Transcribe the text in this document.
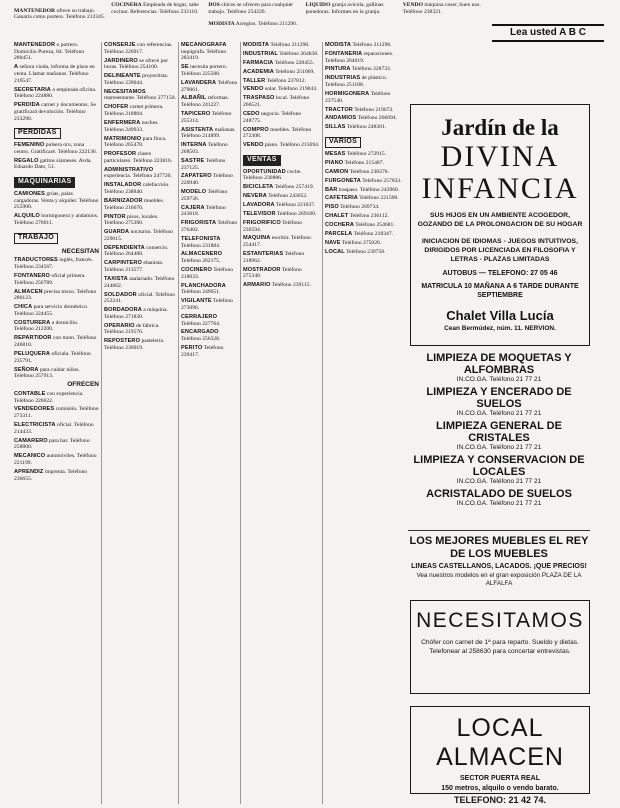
MANTENEDOR ofrece su trabajo. Ganaría como portero. Teléfono 212345.

COCINERA Empleada de hogar, sabe cocinar. Referencias. Teléfono 233110.

DOS chicos se ofrecen para cualquier trabajo. Teléfono 254220.

MODISTA Arreglos. Teléfono 211296.

LIQUIDO granja avícola, gallinas ponedoras. Informes en la granja.

VENDO máquina coser, buen uso. Teléfono 238321.

Lea usted A B C

MANTENEDOR o portero. Domicilio Pureza, 84. Teléfono 280451.

A señora viuda, informa de pisos en venta. Llamar mañanas. Teléfono 216547.

SECRETARIA o empleada oficina. Teléfono 224880.

PERDIDA carnet y documentos. Se gratificará devolución. Teléfono 233290.

PERDIDAS

FEMENINO pulsera oro, zona centro. Gratificaré. Teléfono 222136.

REGALO gatitos siameses. Avda. Eduardo Dato, 51.

MAQUINARIAS

CAMIONES grúas, palas cargadoras. Venta y alquiler. Teléfono 255900.

ALQUILO hormigonera y andamios. Teléfono 276011.

TRABAJO
NECESITAN

TRADUCTORES inglés, francés. Teléfono 234567.

FONTANERO oficial primera. Teléfono 256789.

ALMACEN precisa mozo. Teléfono 280123.

CHICA para servicio doméstico. Teléfono 224455.

COSTURERA a domicilio. Teléfono 212200.

REPARTIDOR con moto. Teléfono 246810.

PELUQUERA oficiala. Teléfono 235791.

SEÑORA para cuidar niños. Teléfono 257913.

OFRECEN

CONTABLE con experiencia. Teléfono 226622.

VENDEDORES comisión. Teléfono 273311.

ELECTRICISTA oficial. Teléfono 214433.

CAMARERO para bar. Teléfono 258800.

MECANICO automóviles. Teléfono 221199.

APRENDIZ imprenta. Teléfono 236655.

CONSERJE con referencias. Teléfono 226017.

JARDINERO se ofrece por horas. Teléfono 254100.

DELINEANTE proyectista. Teléfono 239044.

NECESITAMOS representante. Teléfono 277150.

CHOFER carnet primera. Teléfono 218804.

ENFERMERA noches. Teléfono 249933.

MATRIMONIO para finca. Teléfono 265478.

PROFESOR clases particulares. Teléfono 223816.

ADMINISTRATIVO experiencia. Teléfono 247720.

INSTALADOR calefacción. Teléfono 238840.

BARNIZADOR muebles. Teléfono 216670.

PINTOR pisos, locales. Teléfono 275390.

GUARDA nocturno. Teléfono 229015.

DEPENDIENTA comercio. Teléfono 264488.

CARPINTERO ebanista. Teléfono 213577.

TAXISTA asalariado. Teléfono 244862.

SOLDADOR oficial. Teléfono 252241.

BORDADORA a máquina. Teléfono 271830.

OPERARIO de fábrica. Teléfono 219576.

REPOSTERO pastelería. Teléfono 236019.

MECANOGRAFA taquígrafa. Teléfono 283419.

SE necesita portero. Teléfono 225508.

LAVANDERA Teléfono 279061.

ALBAÑIL reformas. Teléfono 241227.

TAPICERO Teléfono 255314.

ASISTENTA mañanas. Teléfono 214899.

INTERNA Teléfono 268503.

SASTRE Teléfono 237125.

ZAPATERO Teléfono 220940.

MODELO Teléfono 259736.

CAJERA Teléfono 243618.

FRIGORISTA Teléfono 276402.

TELEFONISTA Teléfono 231884.

ALMACENERO Teléfono 262175.

COCINERO Teléfono 218033.

PLANCHADORA Teléfono 249651.

VIGILANTE Teléfono 273096.

CERRAJERO Teléfono 227764.

ENCARGADO Teléfono 256328.

PERITO Teléfono 239417.

MODISTA Teléfono 211296.

INDUSTRIAL Teléfono 264830.

FARMACIA Teléfono 228455.

ACADEMIA Teléfono 251069.

TALLER Teléfono 237812.

VENDO solar. Teléfono 219043.

TRASPASO local. Teléfono 266521.

CEDO negocio. Teléfono 248775.

COMPRO muebles. Teléfono 272308.

VENDO piano. Teléfono 215694.

VENTAS

OPORTUNIDAD coche. Teléfono 230886.

BICICLETA Teléfono 257419.

NEVERA Teléfono 243052.

LAVADORA Teléfono 221637.

TELEVISOR Teléfono 269180.

FRIGORIFICO Teléfono 236594.

MAQUINA escribir. Teléfono 254417.

ESTANTERIAS Teléfono 218962.

MOSTRADOR Teléfono 275340.

ARMARIO Teléfono 239115.

MODISTA Teléfono 211296.

FONTANERIA reparaciones. Teléfono 264019.

PINTURA Teléfono 228733.

INDUSTRIAS de plástico. Teléfono 251188.

HORMIGONERA Teléfono 237540.

TRACTOR Teléfono 219672.

ANDAMIOS Teléfono 266094.

SILLAS Teléfono 248301.

VARIOS

MESAS Teléfono 272915.

PIANO Teléfono 215487.

CAMION Teléfono 230276.

FURGONETA Teléfono 257833.

BAR traspaso. Teléfono 243960.

CAFETERIA Teléfono 221508.

PISO Teléfono 269734.

CHALET Teléfono 236112.

COCHERA Teléfono 254681.

PARCELA Teléfono 218347.

NAVE Teléfono 275026.

LOCAL Teléfono 239758.

Jardín de la
DIVINA
INFANCIA
SUS HIJOS EN UN AMBIENTE ACOGEDOR, GOZANDO DE LA PROLONGACION DE SU HOGAR
INICIACION DE IDIOMAS - JUEGOS INTUITIVOS, DIRIGIDOS POR LICENCIADA EN FILOSOFIA Y LETRAS - PLAZAS LIMITADAS
AUTOBUS — TELEFONO: 27 05 46
MATRICULA 10 MAÑANA A 6 TARDE DURANTE SEPTIEMBRE
Chalet Villa Lucía
Cean Bermúdez, núm. 11. NERVION.
LIMPIEZA DE MOQUETAS Y ALFOMBRAS
IN.CO.GA. Teléfono 21 77 21
LIMPIEZA Y ENCERADO DE SUELOS
IN.CO.GA. Teléfono 21 77 21
LIMPIEZA GENERAL DE CRISTALES
IN.CO.GA. Teléfono 21 77 21
LIMPIEZA Y CONSERVACION DE LOCALES
IN.CO.GA. Teléfono 21 77 21
ACRISTALADO DE SUELOS
IN.CO.GA. Teléfono 21 77 21
LOS MEJORES MUEBLES EL REY DE LOS MUEBLES
LINEAS CASTELLANOS, LACADOS. ¡QUE PRECIOS!
Vea nuestros modelos en el gran exposición PLAZA DE LA ALFALFA
NECESITAMOS
Chófer con carnet de 1ª para reparto. Sueldo y dietas. Telefonear al 258630 para concertar entrevistas.
LOCAL ALMACEN
SECTOR PUERTA REAL
150 metros, alquilo o vendo barato.
TELEFONO: 21 42 74.
